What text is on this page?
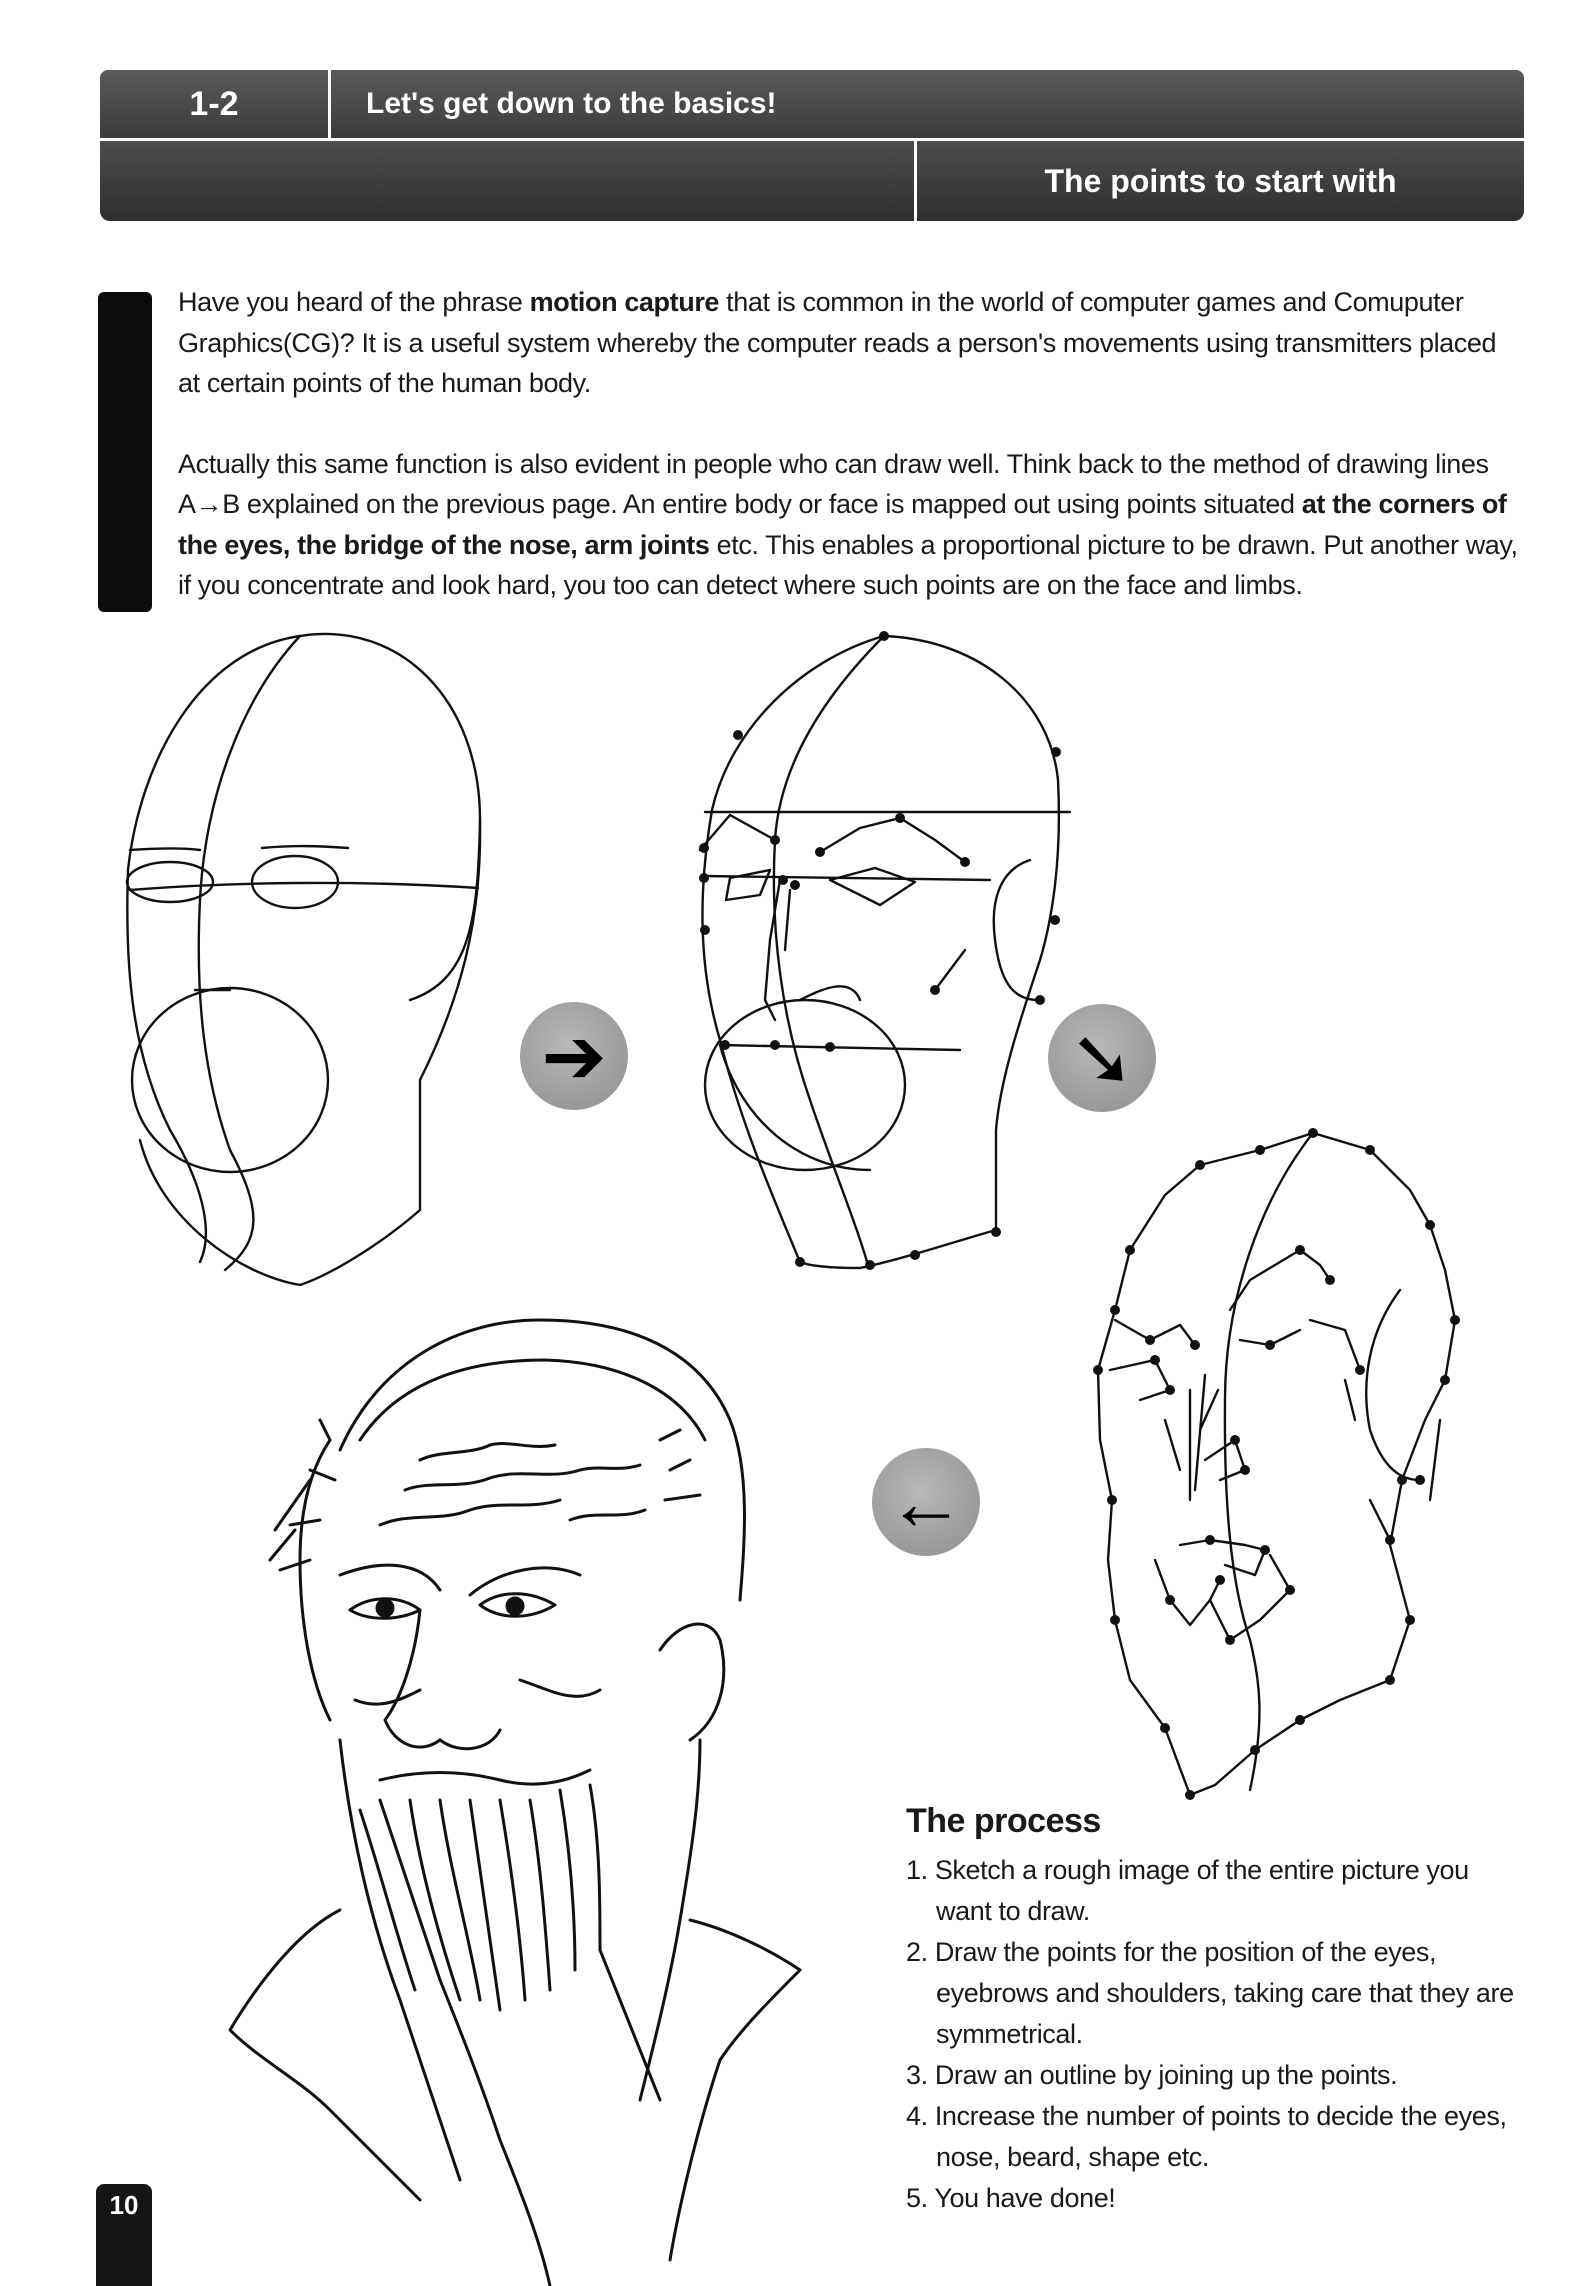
1-2	Let's get down to the basics!
The points to start with

Have you heard of the phrase motion capture that is common in the world of computer games and Comuputer Graphics(CG)? It is a useful system whereby the computer reads a person's movements using transmitters placed at certain points of the human body.

Actually this same function is also evident in people who can draw well. Think back to the method of drawing lines A→B explained on the previous page. An entire body or face is mapped out using points situated at the corners of the eyes, the bridge of the nose, arm joints etc. This enables a proportional picture to be drawn. Put another way, if you concentrate and look hard, you too can detect where such points are on the face and limbs.

➔	➘
←
The process
1. Sketch a rough image of the entire picture you want to draw.
2. Draw the points for the position of the eyes, eyebrows and shoulders, taking care that they are symmetrical.
3. Draw an outline by joining up the points.
4. Increase the number of points to decide the eyes, nose, beard, shape etc.
5. You have done!
10
